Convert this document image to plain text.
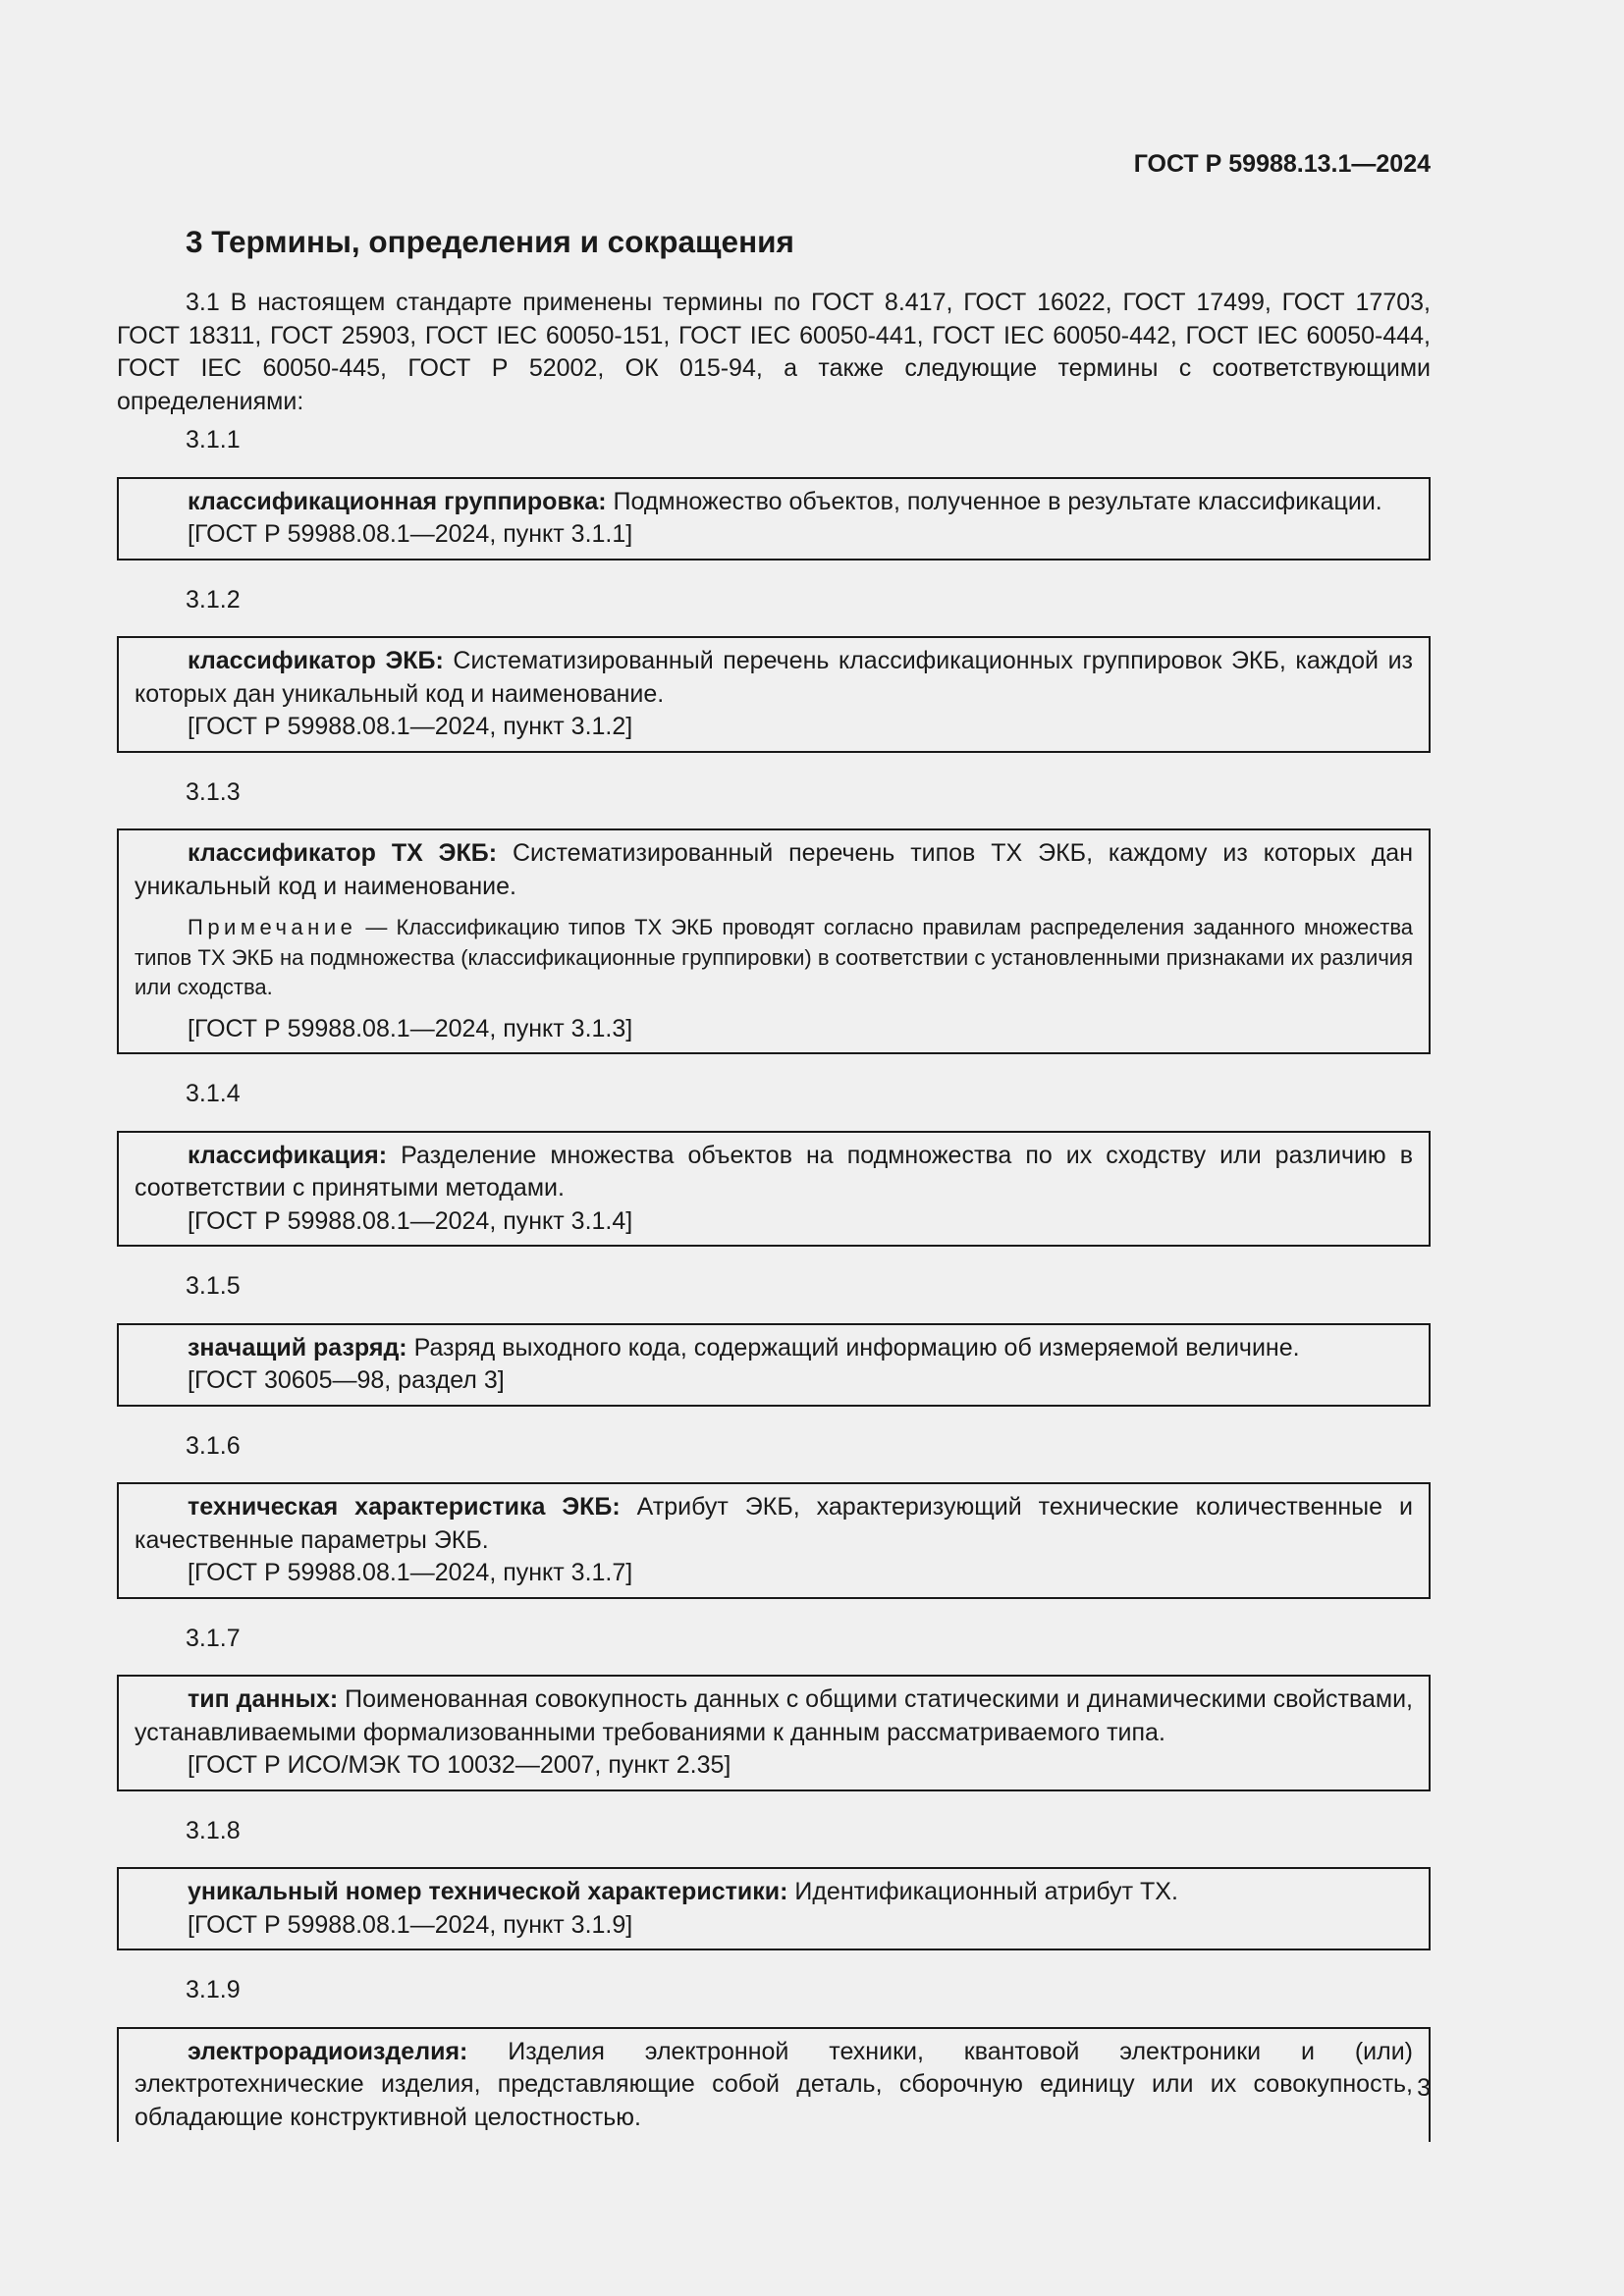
ГОСТ Р 59988.13.1—2024
3 Термины, определения и сокращения

3.1 В настоящем стандарте применены термины по ГОСТ 8.417, ГОСТ 16022, ГОСТ 17499, ГОСТ 17703, ГОСТ 18311, ГОСТ 25903, ГОСТ IEC 60050-151, ГОСТ IEC 60050-441, ГОСТ IEC 60050-442, ГОСТ IEC 60050-444, ГОСТ IEC 60050-445, ГОСТ Р 52002, ОК 015-94, а также следующие термины с соответствующими определениями:

3.1.1

классификационная группировка: Подмножество объектов, полученное в результате классификации.

[ГОСТ Р 59988.08.1—2024, пункт 3.1.1]

3.1.2

классификатор ЭКБ: Систематизированный перечень классификационных группировок ЭКБ, каждой из которых дан уникальный код и наименование.

[ГОСТ Р 59988.08.1—2024, пункт 3.1.2]

3.1.3

классификатор ТХ ЭКБ: Систематизированный перечень типов ТХ ЭКБ, каждому из которых дан уникальный код и наименование.

Примечание — Классификацию типов ТХ ЭКБ проводят согласно правилам распределения заданного множества типов ТХ ЭКБ на подмножества (классификационные группировки) в соответствии с установленными признаками их различия или сходства.

[ГОСТ Р 59988.08.1—2024, пункт 3.1.3]

3.1.4

классификация: Разделение множества объектов на подмножества по их сходству или различию в соответствии с принятыми методами.

[ГОСТ Р 59988.08.1—2024, пункт 3.1.4]

3.1.5

значащий разряд: Разряд выходного кода, содержащий информацию об измеряемой величине.

[ГОСТ 30605—98, раздел 3]

3.1.6

техническая характеристика ЭКБ: Атрибут ЭКБ, характеризующий технические количественные и качественные параметры ЭКБ.

[ГОСТ Р 59988.08.1—2024, пункт 3.1.7]

3.1.7

тип данных: Поименованная совокупность данных с общими статическими и динамическими свойствами, устанавливаемыми формализованными требованиями к данным рассматриваемого типа.

[ГОСТ Р ИСО/МЭК ТО 10032—2007, пункт 2.35]

3.1.8

уникальный номер технической характеристики: Идентификационный атрибут ТХ.

[ГОСТ Р 59988.08.1—2024, пункт 3.1.9]

3.1.9

электрорадиоизделия: Изделия электронной техники, квантовой электроники и (или) электротехнические изделия, представляющие собой деталь, сборочную единицу или их совокупность, обладающие конструктивной целостностью.

3
